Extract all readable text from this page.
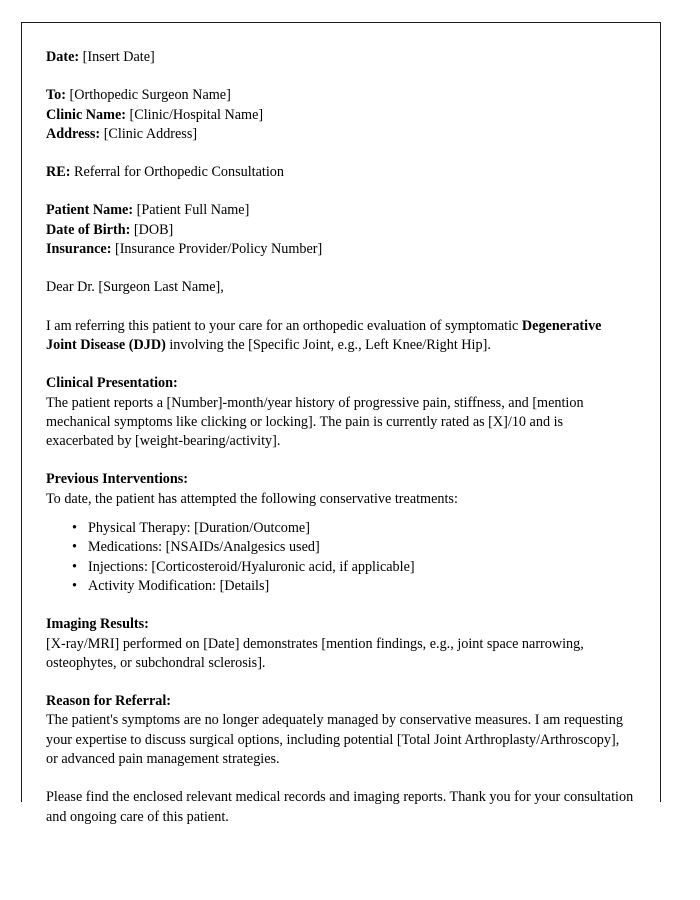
Date: [Insert Date]

To: [Orthopedic Surgeon Name]

Clinic Name: [Clinic/Hospital Name]

Address: [Clinic Address]

RE: Referral for Orthopedic Consultation

Patient Name: [Patient Full Name]

Date of Birth: [DOB]

Insurance: [Insurance Provider/Policy Number]

Dear Dr. [Surgeon Last Name],

I am referring this patient to your care for an orthopedic evaluation of symptomatic Degenerative Joint Disease (DJD) involving the [Specific Joint, e.g., Left Knee/Right Hip].

Clinical Presentation:

The patient reports a [Number]-month/year history of progressive pain, stiffness, and [mention mechanical symptoms like clicking or locking]. The pain is currently rated as [X]/10 and is exacerbated by [weight-bearing/activity].

Previous Interventions:

To date, the patient has attempted the following conservative treatments:

• Physical Therapy: [Duration/Outcome]
• Medications: [NSAIDs/Analgesics used]
• Injections: [Corticosteroid/Hyaluronic acid, if applicable]
• Activity Modification: [Details]

Imaging Results:

[X-ray/MRI] performed on [Date] demonstrates [mention findings, e.g., joint space narrowing, osteophytes, or subchondral sclerosis].

Reason for Referral:

The patient's symptoms are no longer adequately managed by conservative measures. I am requesting your expertise to discuss surgical options, including potential [Total Joint Arthroplasty/Arthroscopy], or advanced pain management strategies.

Please find the enclosed relevant medical records and imaging reports. Thank you for your consultation and ongoing care of this patient.
